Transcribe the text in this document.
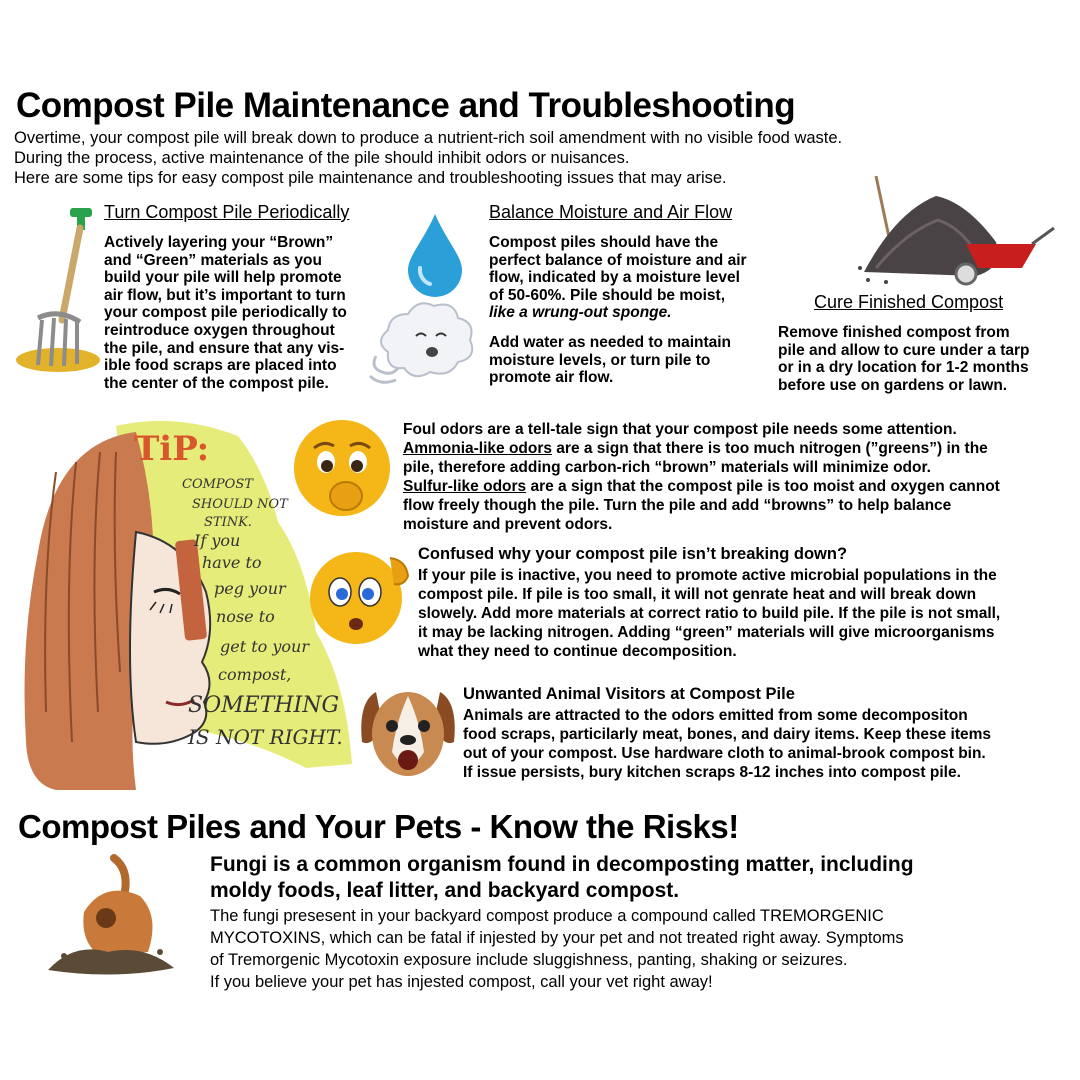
Compost Pile Maintenance and Troubleshooting
Overtime, your compost pile will break down to produce a nutrient-rich soil amendment with no visible food waste.
During the process, active maintenance of the pile should inhibit odors or nuisances.
Here are some tips for easy compost pile maintenance and troubleshooting issues that may arise.
Turn Compost Pile Periodically
Actively layering your “Brown”
and “Green” materials as you
build your pile will help promote
air flow, but it’s important to turn
your compost pile periodically to
reintroduce oxygen throughout
the pile, and ensure that any vis-
ible food scraps are placed into
the center of the compost pile.
Balance Moisture and Air Flow
Compost piles should have the
perfect balance of moisture and air
flow, indicated by a moisture level
of 50-60%. Pile should be moist,
like a wrung-out sponge.
Add water as needed to maintain
moisture levels, or turn pile to
promote air flow.
Cure Finished Compost
Remove finished compost from
pile and allow to cure under a tarp
or in a dry location for 1-2 months
before use on gardens or lawn.
TiP:
COMPOST
SHOULD NOT
STINK.
If you
have to
peg your
nose to
get to your
compost,
SOMETHING
IS NOT RIGHT.
Foul odors are a tell-tale sign that your compost pile needs some attention.
Ammonia-like odors are a sign that there is too much nitrogen (”greens”) in the
pile, therefore adding carbon-rich “brown” materials will minimize odor.
Sulfur-like odors are a sign that the compost pile is too moist and oxygen cannot
flow freely though the pile. Turn the pile and add “browns” to help balance
moisture and prevent odors.
Confused why your compost pile isn’t breaking down?
If your pile is inactive, you need to promote active microbial populations in the
compost pile. If pile is too small, it will not genrate heat and will break down
slowely. Add more materials at correct ratio to build pile. If the pile is not small,
it may be lacking nitrogen. Adding “green” materials will give microorganisms
what they need to continue decomposition.
Unwanted Animal Visitors at Compost Pile
Animals are attracted to the odors emitted from some decompositon
food scraps, particilarly meat, bones, and dairy items. Keep these items
out of your compost. Use hardware cloth to animal-brook compost bin.
If issue persists, bury kitchen scraps 8-12 inches into compost pile.
Compost Piles and Your Pets - Know the Risks!
Fungi is a common organism found in decomposting matter, including
moldy foods, leaf litter, and backyard compost.
The fungi presesent in your backyard compost produce a compound called TREMORGENIC
MYCOTOXINS, which can be fatal if injested by your pet and not treated right away. Symptoms
of Tremorgenic Mycotoxin exposure include sluggishness, panting, shaking or seizures.
If you believe your pet has injested compost, call your vet right away!
